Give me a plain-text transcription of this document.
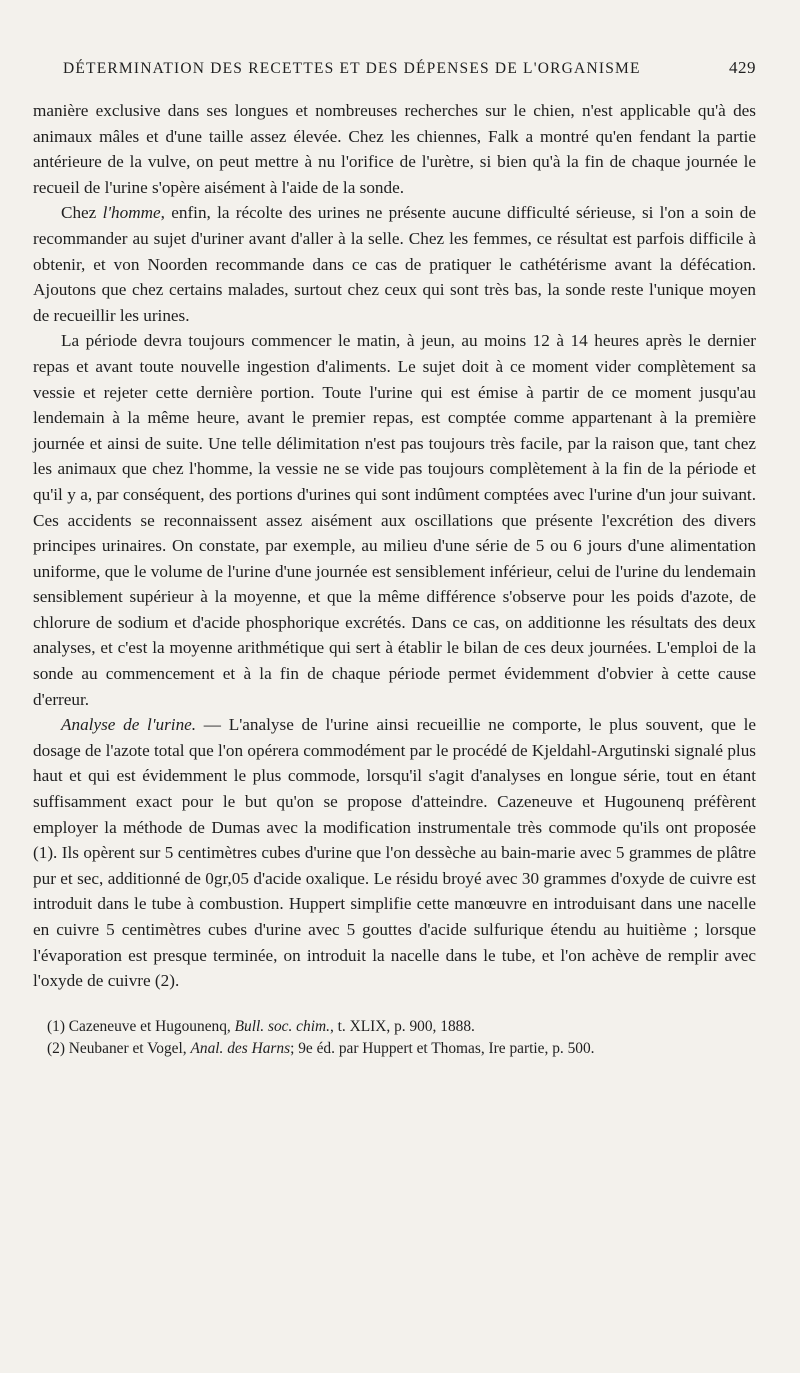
DÉTERMINATION DES RECETTES ET DES DÉPENSES DE L'ORGANISME	429

manière exclusive dans ses longues et nombreuses recherches sur le chien, n'est applicable qu'à des animaux mâles et d'une taille assez élevée. Chez les chiennes, Falk a montré qu'en fendant la partie antérieure de la vulve, on peut mettre à nu l'orifice de l'urètre, si bien qu'à la fin de chaque journée le recueil de l'urine s'opère aisément à l'aide de la sonde.

Chez l'homme, enfin, la récolte des urines ne présente aucune difficulté sérieuse, si l'on a soin de recommander au sujet d'uriner avant d'aller à la selle. Chez les femmes, ce résultat est parfois difficile à obtenir, et von Noorden recommande dans ce cas de pratiquer le cathétérisme avant la défécation. Ajoutons que chez certains malades, surtout chez ceux qui sont très bas, la sonde reste l'unique moyen de recueillir les urines.

La période devra toujours commencer le matin, à jeun, au moins 12 à 14 heures après le dernier repas et avant toute nouvelle ingestion d'aliments. Le sujet doit à ce moment vider complètement sa vessie et rejeter cette dernière portion. Toute l'urine qui est émise à partir de ce moment jusqu'au lendemain à la même heure, avant le premier repas, est comptée comme appartenant à la première journée et ainsi de suite. Une telle délimitation n'est pas toujours très facile, par la raison que, tant chez les animaux que chez l'homme, la vessie ne se vide pas toujours complètement à la fin de la période et qu'il y a, par conséquent, des portions d'urines qui sont indûment comptées avec l'urine d'un jour suivant. Ces accidents se reconnaissent assez aisément aux oscillations que présente l'excrétion des divers principes urinaires. On constate, par exemple, au milieu d'une série de 5 ou 6 jours d'une alimentation uniforme, que le volume de l'urine d'une journée est sensiblement inférieur, celui de l'urine du lendemain sensiblement supérieur à la moyenne, et que la même différence s'observe pour les poids d'azote, de chlorure de sodium et d'acide phosphorique excrétés. Dans ce cas, on additionne les résultats des deux analyses, et c'est la moyenne arithmétique qui sert à établir le bilan de ces deux journées. L'emploi de la sonde au commencement et à la fin de chaque période permet évidemment d'obvier à cette cause d'erreur.

Analyse de l'urine. — L'analyse de l'urine ainsi recueillie ne comporte, le plus souvent, que le dosage de l'azote total que l'on opérera commodément par le procédé de Kjeldahl-Argutinski signalé plus haut et qui est évidemment le plus commode, lorsqu'il s'agit d'analyses en longue série, tout en étant suffisamment exact pour le but qu'on se propose d'atteindre. Cazeneuve et Hugounenq préfèrent employer la méthode de Dumas avec la modification instrumentale très commode qu'ils ont proposée (1). Ils opèrent sur 5 centimètres cubes d'urine que l'on dessèche au bain-marie avec 5 grammes de plâtre pur et sec, additionné de 0gr,05 d'acide oxalique. Le résidu broyé avec 30 grammes d'oxyde de cuivre est introduit dans le tube à combustion. Huppert simplifie cette manœuvre en introduisant dans une nacelle en cuivre 5 centimètres cubes d'urine avec 5 gouttes d'acide sulfurique étendu au huitième ; lorsque l'évaporation est presque terminée, on introduit la nacelle dans le tube, et l'on achève de remplir avec l'oxyde de cuivre (2).

(1) Cazeneuve et Hugounenq, Bull. soc. chim., t. XLIX, p. 900, 1888.

(2) Neubaner et Vogel, Anal. des Harns; 9e éd. par Huppert et Thomas, Ire partie, p. 500.
